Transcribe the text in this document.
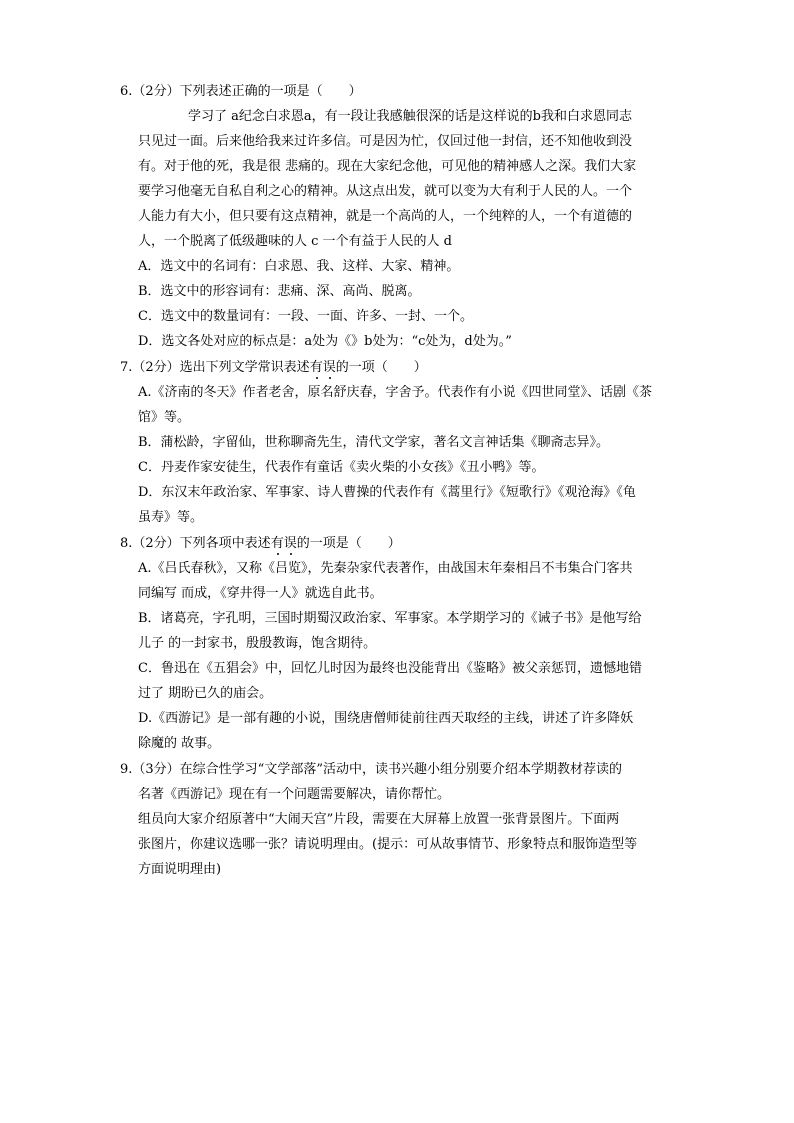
6.（2分）下列表述正确的一项是（　　）
学习了 a纪念白求恩a，有一段让我感触很深的话是这样说的b我和白求恩同志
只见过一面。后来他给我来过许多信。可是因为忙，仅回过他一封信，还不知他收到没
有。对于他的死，我是很 悲痛的。现在大家纪念他，可见他的精神感人之深。我们大家
要学习他毫无自私自利之心的精神。从这点出发，就可以变为大有利于人民的人。一个
人能力有大小，但只要有这点精神，就是一个高尚的人，一个纯粹的人，一个有道德的
人，一个脱离了低级趣味的人 c 一个有益于人民的人 d
A．选文中的名词有：白求恩、我、这样、大家、精神。
B．选文中的形容词有：悲痛、深、高尚、脱离。
C．选文中的数量词有：一段、一面、许多、一封、一个。
D．选文各处对应的标点是：a处为《》b处为：“c处为，d处为。”
7.（2分）选出下列文学常识表述有误的一项（　　）
A.《济南的冬天》作者老舍，原名舒庆春，字舍予。代表作有小说《四世同堂》、话剧《茶
馆》等。
B．蒲松龄，字留仙，世称聊斋先生，清代文学家，著名文言神话集《聊斋志异》。
C．丹麦作家安徒生，代表作有童话《卖火柴的小女孩》《丑小鸭》等。
D．东汉末年政治家、军事家、诗人曹操的代表作有《蒿里行》《短歌行》《观沧海》《龟
虽寿》等。
8.（2分）下列各项中表述有误的一项是（　　）
A.《吕氏春秋》，又称《吕览》，先秦杂家代表著作，由战国末年秦相吕不韦集合门客共
同编写 而成，《穿井得一人》就选自此书。
B．诸葛亮，字孔明，三国时期蜀汉政治家、军事家。本学期学习的《诫子书》是他写给
儿子 的一封家书，殷殷教诲，饱含期待。
C．鲁迅在《五猖会》中，回忆儿时因为最终也没能背出《鉴略》被父亲惩罚，遗憾地错
过了 期盼已久的庙会。
D.《西游记》是一部有趣的小说，围绕唐僧师徒前往西天取经的主线，讲述了许多降妖
除魔的 故事。
9.（3分）在综合性学习“文学部落”活动中，读书兴趣小组分别要介绍本学期教材荐读的
名著《西游记》现在有一个问题需要解决，请你帮忙。
组员向大家介绍原著中“大闹天宫”片段，需要在大屏幕上放置一张背景图片。下面两
张图片，你建议选哪一张？请说明理由。(提示：可从故事情节、形象特点和服饰造型等
方面说明理由)
